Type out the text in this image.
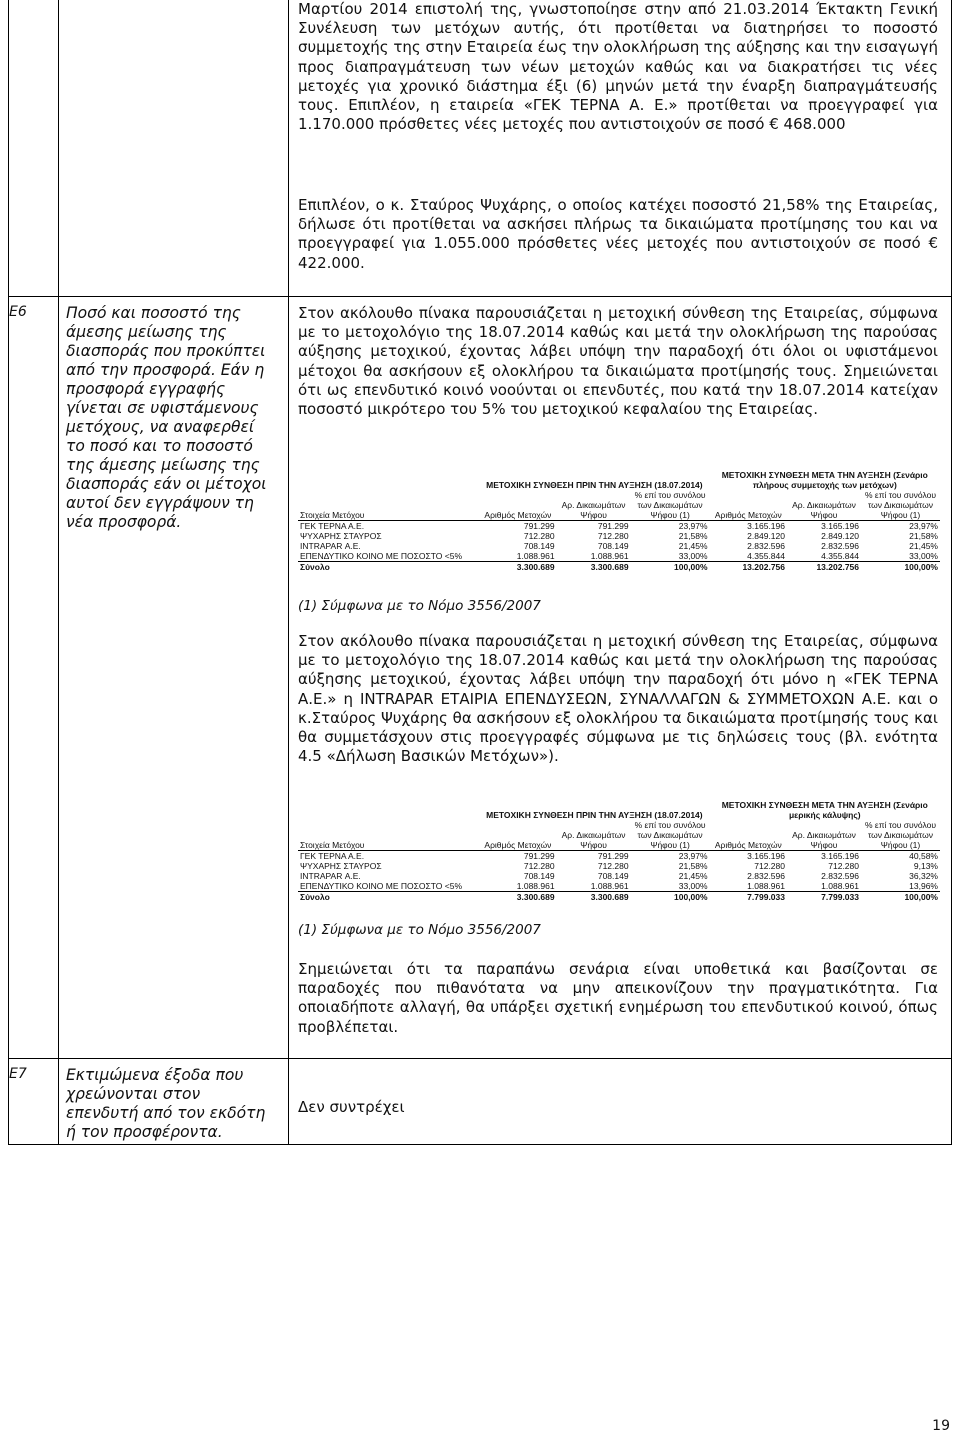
Μαρτίου 2014 επιστολή της, γνωστοποίησε στην από 21.03.2014 Έκτακτη Γενική Συνέλευση των μετόχων αυτής, ότι προτίθεται να διατηρήσει το ποσοστό συμμετοχής της στην Εταιρεία έως την ολοκλήρωση της αύξησης και την εισαγωγή προς διαπραγμάτευση των νέων μετοχών καθώς και να διακρατήσει τις νέες μετοχές για χρονικό διάστημα έξι (6) μηνών μετά την έναρξη διαπραγμάτευσής τους. Επιπλέον, η εταιρεία «ΓΕΚ ΤΕΡΝΑ Α. Ε.» προτίθεται να προεγγραφεί για 1.170.000 πρόσθετες νέες μετοχές που αντιστοιχούν σε ποσό € 468.000

Επιπλέον, ο κ. Σταύρος Ψυχάρης, ο οποίος κατέχει ποσοστό 21,58% της Εταιρείας, δήλωσε ότι προτίθεται να ασκήσει πλήρως τα δικαιώματα προτίμησης του και να προεγγραφεί για 1.055.000 πρόσθετες νέες μετοχές που αντιστοιχούν σε ποσό € 422.000.

Ε6	Ποσό και ποσοστό της άμεσης μείωσης της διασποράς που προκύπτει από την προσφορά. Εάν η προσφορά εγγραφής γίνεται σε υφιστάμενους μετόχους, να αναφερθεί το ποσό και το ποσοστό της άμεσης μείωσης της διασποράς εάν οι μέτοχοι αυτοί δεν εγγράψουν τη νέα προσφορά.

Στον ακόλουθο πίνακα παρουσιάζεται η μετοχική σύνθεση της Εταιρείας, σύμφωνα με το μετοχολόγιο της 18.07.2014 καθώς και μετά την ολοκλήρωση της παρούσας αύξησης μετοχικού, έχοντας λάβει υπόψη την παραδοχή ότι όλοι οι υφιστάμενοι μέτοχοι θα ασκήσουν εξ ολοκλήρου τα δικαιώματα προτίμησής τους. Σημειώνεται ότι ως επενδυτικό κοινό νοούνται οι επενδυτές, που κατά την 18.07.2014 κατείχαν ποσοστό μικρότερο του 5% του μετοχικού κεφαλαίου της Εταιρείας.

	ΜΕΤΟΧΙΚΗ ΣΥΝΘΕΣΗ ΠΡΙΝ ΤΗΝ ΑΥΞΗΣΗ (18.07.2014)			ΜΕΤΟΧΙΚΗ ΣΥΝΘΕΣΗ ΜΕΤΑ ΤΗΝ ΑΥΞΗΣΗ (Σενάριο πλήρους συμμετοχής των μετόχων)		
Στοιχεία Μετόχου	Αριθμός Μετοχών	Αρ. Δικαιωμάτων Ψήφου	% επί του συνόλου των Δικαιωμάτων Ψήφου (1)	Αριθμός Μετοχών	Αρ. Δικαιωμάτων Ψήφου	% επί του συνόλου των Δικαιωμάτων Ψήφου (1)
ΓΕΚ ΤΕΡΝΑ Α.Ε.	791.299	791.299	23,97%	3.165.196	3.165.196	23,97%
ΨΥΧΑΡΗΣ ΣΤΑΥΡΟΣ	712.280	712.280	21,58%	2.849.120	2.849.120	21,58%
INTRAPAR Α.Ε.	708.149	708.149	21,45%	2.832.596	2.832.596	21,45%
ΕΠΕΝΔΥΤΙΚΟ ΚΟΙΝΟ ΜΕ ΠΟΣΟΣΤΟ <5%	1.088.961	1.088.961	33,00%	4.355.844	4.355.844	33,00%
Σύνολο	3.300.689	3.300.689	100,00%	13.202.756	13.202.756	100,00%
(1) Σύμφωνα με το Νόμο 3556/2007

Στον ακόλουθο πίνακα παρουσιάζεται η μετοχική σύνθεση της Εταιρείας, σύμφωνα με το μετοχολόγιο της 18.07.2014 καθώς και μετά την ολοκλήρωση της παρούσας αύξησης μετοχικού, έχοντας λάβει υπόψη την παραδοχή ότι μόνο η «ΓΕΚ ΤΕΡΝΑ Α.Ε.» η INTRAPAR ΕΤΑΙΡΙΑ ΕΠΕΝΔΥΣΕΩΝ, ΣΥΝΑΛΛΑΓΩΝ & ΣΥΜΜΕΤΟΧΩΝ Α.Ε. και ο κ.Σταύρος Ψυχάρης θα ασκήσουν εξ ολοκλήρου τα δικαιώματα προτίμησής τους και θα συμμετάσχουν στις προεγγραφές σύμφωνα με τις δηλώσεις τους (βλ. ενότητα 4.5 «Δήλωση Βασικών Μετόχων»).

	ΜΕΤΟΧΙΚΗ ΣΥΝΘΕΣΗ ΠΡΙΝ ΤΗΝ ΑΥΞΗΣΗ (18.07.2014)			ΜΕΤΟΧΙΚΗ ΣΥΝΘΕΣΗ ΜΕΤΑ ΤΗΝ ΑΥΞΗΣΗ (Σενάριο μερικής κάλυψης)		
Στοιχεία Μετόχου	Αριθμός Μετοχών	Αρ. Δικαιωμάτων Ψήφου	% επί του συνόλου των Δικαιωμάτων Ψήφου (1)	Αριθμός Μετοχών	Αρ. Δικαιωμάτων Ψήφου	% επί του συνόλου των Δικαιωμάτων Ψήφου (1)
ΓΕΚ ΤΕΡΝΑ Α.Ε.	791.299	791.299	23,97%	3.165.196	3.165.196	40,58%
ΨΥΧΑΡΗΣ ΣΤΑΥΡΟΣ	712.280	712.280	21,58%	712.280	712.280	9,13%
INTRAPAR Α.Ε.	708.149	708.149	21,45%	2.832.596	2.832.596	36,32%
ΕΠΕΝΔΥΤΙΚΟ ΚΟΙΝΟ ΜΕ ΠΟΣΟΣΤΟ <5%	1.088.961	1.088.961	33,00%	1.088.961	1.088.961	13,96%
Σύνολο	3.300.689	3.300.689	100,00%	7.799.033	7.799.033	100,00%
(1) Σύμφωνα με το Νόμο 3556/2007

Σημειώνεται ότι τα παραπάνω σενάρια είναι υποθετικά και βασίζονται σε παραδοχές που πιθανότατα να μην απεικονίζουν την πραγματικότητα. Για οποιαδήποτε αλλαγή, θα υπάρξει σχετική ενημέρωση του επενδυτικού κοινού, όπως προβλέπεται.

Ε7	Εκτιμώμενα έξοδα που χρεώνονται στον επενδυτή από τον εκδότη ή τον προσφέροντα.
Δεν συντρέχει
19
